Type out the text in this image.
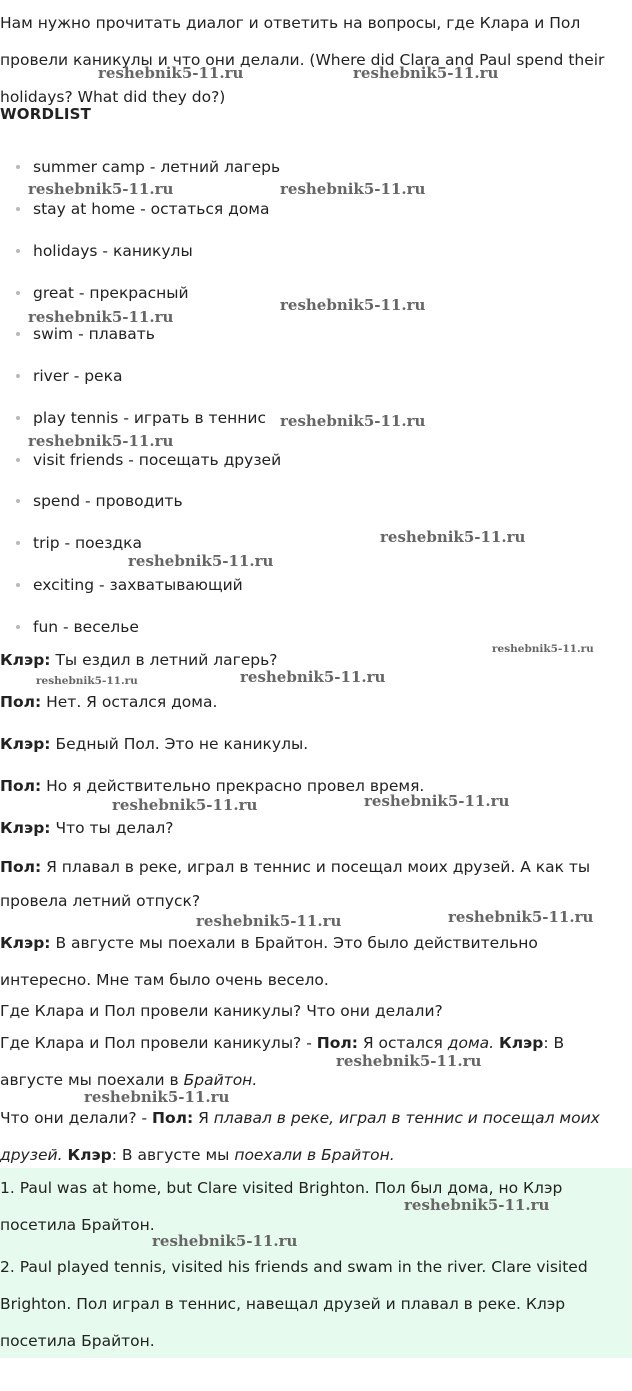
Нам нужно прочитать диалог и ответить на вопросы, где Клара и Пол провели каникулы и что они делали. (Where did Clara and Paul spend their holidays? What did they do?)

WORDLIST
summer camp - летний лагерь
stay at home - остаться дома
holidays - каникулы
great - прекрасный
swim - плавать
river - река
play tennis - играть в теннис
visit friends - посещать друзей
spend - проводить
trip - поездка
exciting - захватывающий
fun - веселье

Клэр: Ты ездил в летний лагерь?

Пол: Нет. Я остался дома.

Клэр: Бедный Пол. Это не каникулы.

Пол: Но я действительно прекрасно провел время.

Клэр: Что ты делал?

Пол: Я плавал в реке, играл в теннис и посещал моих друзей. А как ты провела летний отпуск?

Клэр: В августе мы поехали в Брайтон. Это было действительно интересно. Мне там было очень весело.

Где Клара и Пол провели каникулы? Что они делали?

Где Клара и Пол провели каникулы? - Пол: Я остался дома. Клэр: В августе мы поехали в Брайтон.

Что они делали? - Пол: Я плавал в реке, играл в теннис и посещал моих друзей. Клэр: В августе мы поехали в Брайтон.

1. Paul was at home, but Clare visited Brighton. Пол был дома, но Клэр посетила Брайтон.

2. Paul played tennis, visited his friends and swam in the river. Clare visited Brighton. Пол играл в теннис, навещал друзей и плавал в реке. Клэр посетила Брайтон.

reshebnik5-11.ru	reshebnik5-11.ru
reshebnik5-11.ru	reshebnik5-11.ru
reshebnik5-11.ru
reshebnik5-11.ru
reshebnik5-11.ru
reshebnik5-11.ru
reshebnik5-11.ru
reshebnik5-11.ru
reshebnik5-11.ru
reshebnik5-11.ru	reshebnik5-11.ru
reshebnik5-11.ru	reshebnik5-11.ru
reshebnik5-11.ru	reshebnik5-11.ru
reshebnik5-11.ru
reshebnik5-11.ru
reshebnik5-11.ru
reshebnik5-11.ru
